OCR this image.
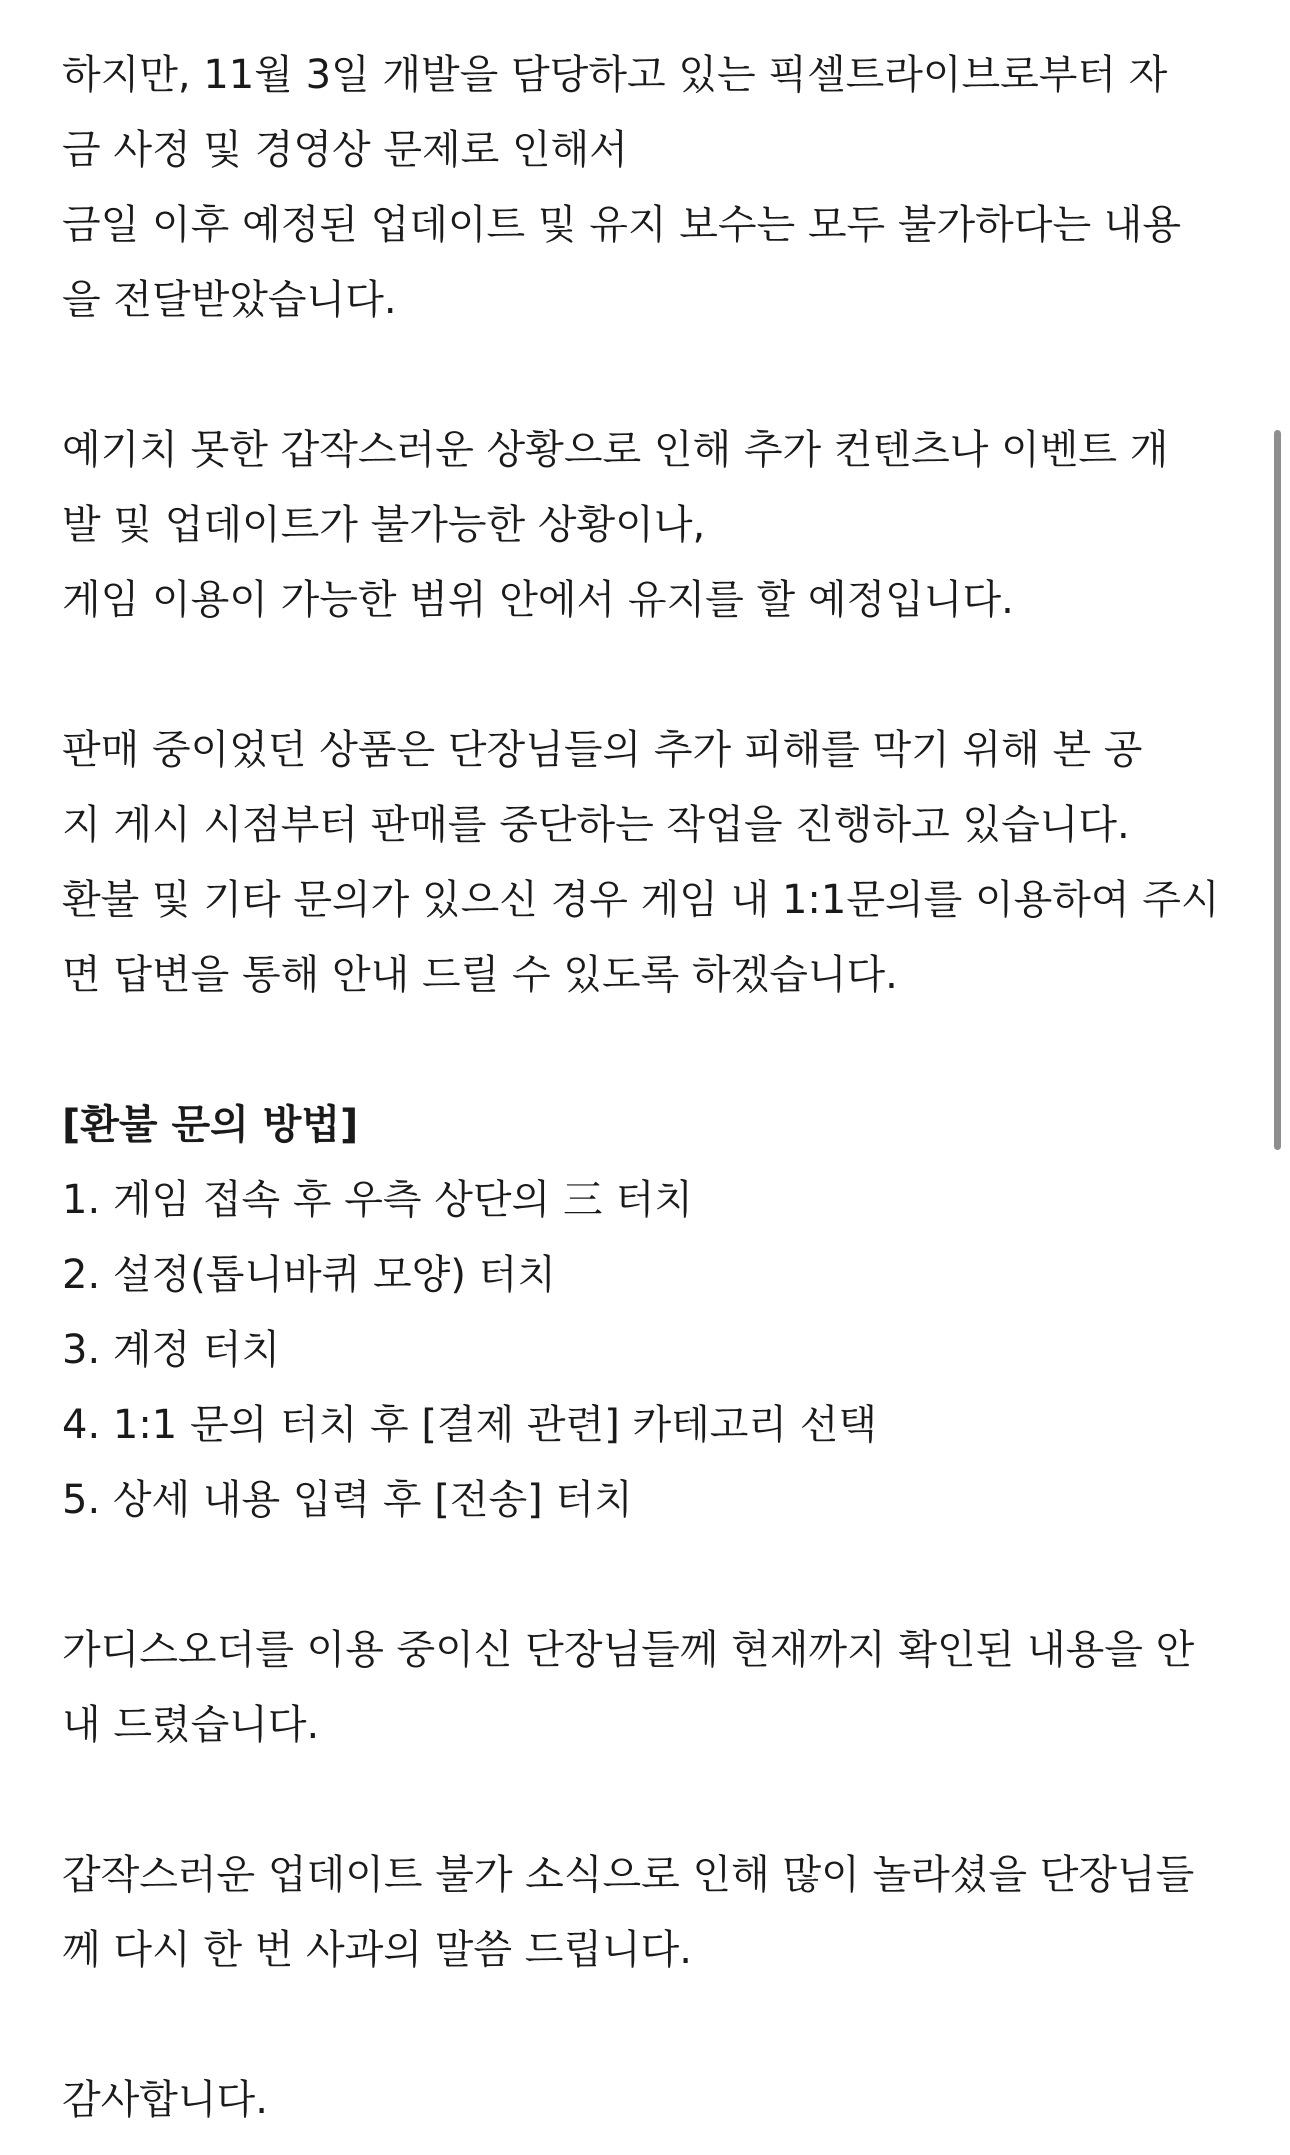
하지만, 11월 3일 개발을 담당하고 있는 픽셀트라이브로부터 자
금 사정 및 경영상 문제로 인해서
금일 이후 예정된 업데이트 및 유지 보수는 모두 불가하다는 내용
을 전달받았습니다.
예기치 못한 갑작스러운 상황으로 인해 추가 컨텐츠나 이벤트 개
발 및 업데이트가 불가능한 상황이나,
게임 이용이 가능한 범위 안에서 유지를 할 예정입니다.
판매 중이었던 상품은 단장님들의 추가 피해를 막기 위해 본 공
지 게시 시점부터 판매를 중단하는 작업을 진행하고 있습니다.
환불 및 기타 문의가 있으신 경우 게임 내 1:1문의를 이용하여 주시
면 답변을 통해 안내 드릴 수 있도록 하겠습니다.
[환불 문의 방법]
1. 게임 접속 후 우측 상단의 三 터치
2. 설정(톱니바퀴 모양) 터치
3. 계정 터치
4. 1:1 문의 터치 후 [결제 관련] 카테고리 선택
5. 상세 내용 입력 후 [전송] 터치
가디스오더를 이용 중이신 단장님들께 현재까지 확인된 내용을 안
내 드렸습니다.
갑작스러운 업데이트 불가 소식으로 인해 많이 놀라셨을 단장님들
께 다시 한 번 사과의 말씀 드립니다.
감사합니다.
